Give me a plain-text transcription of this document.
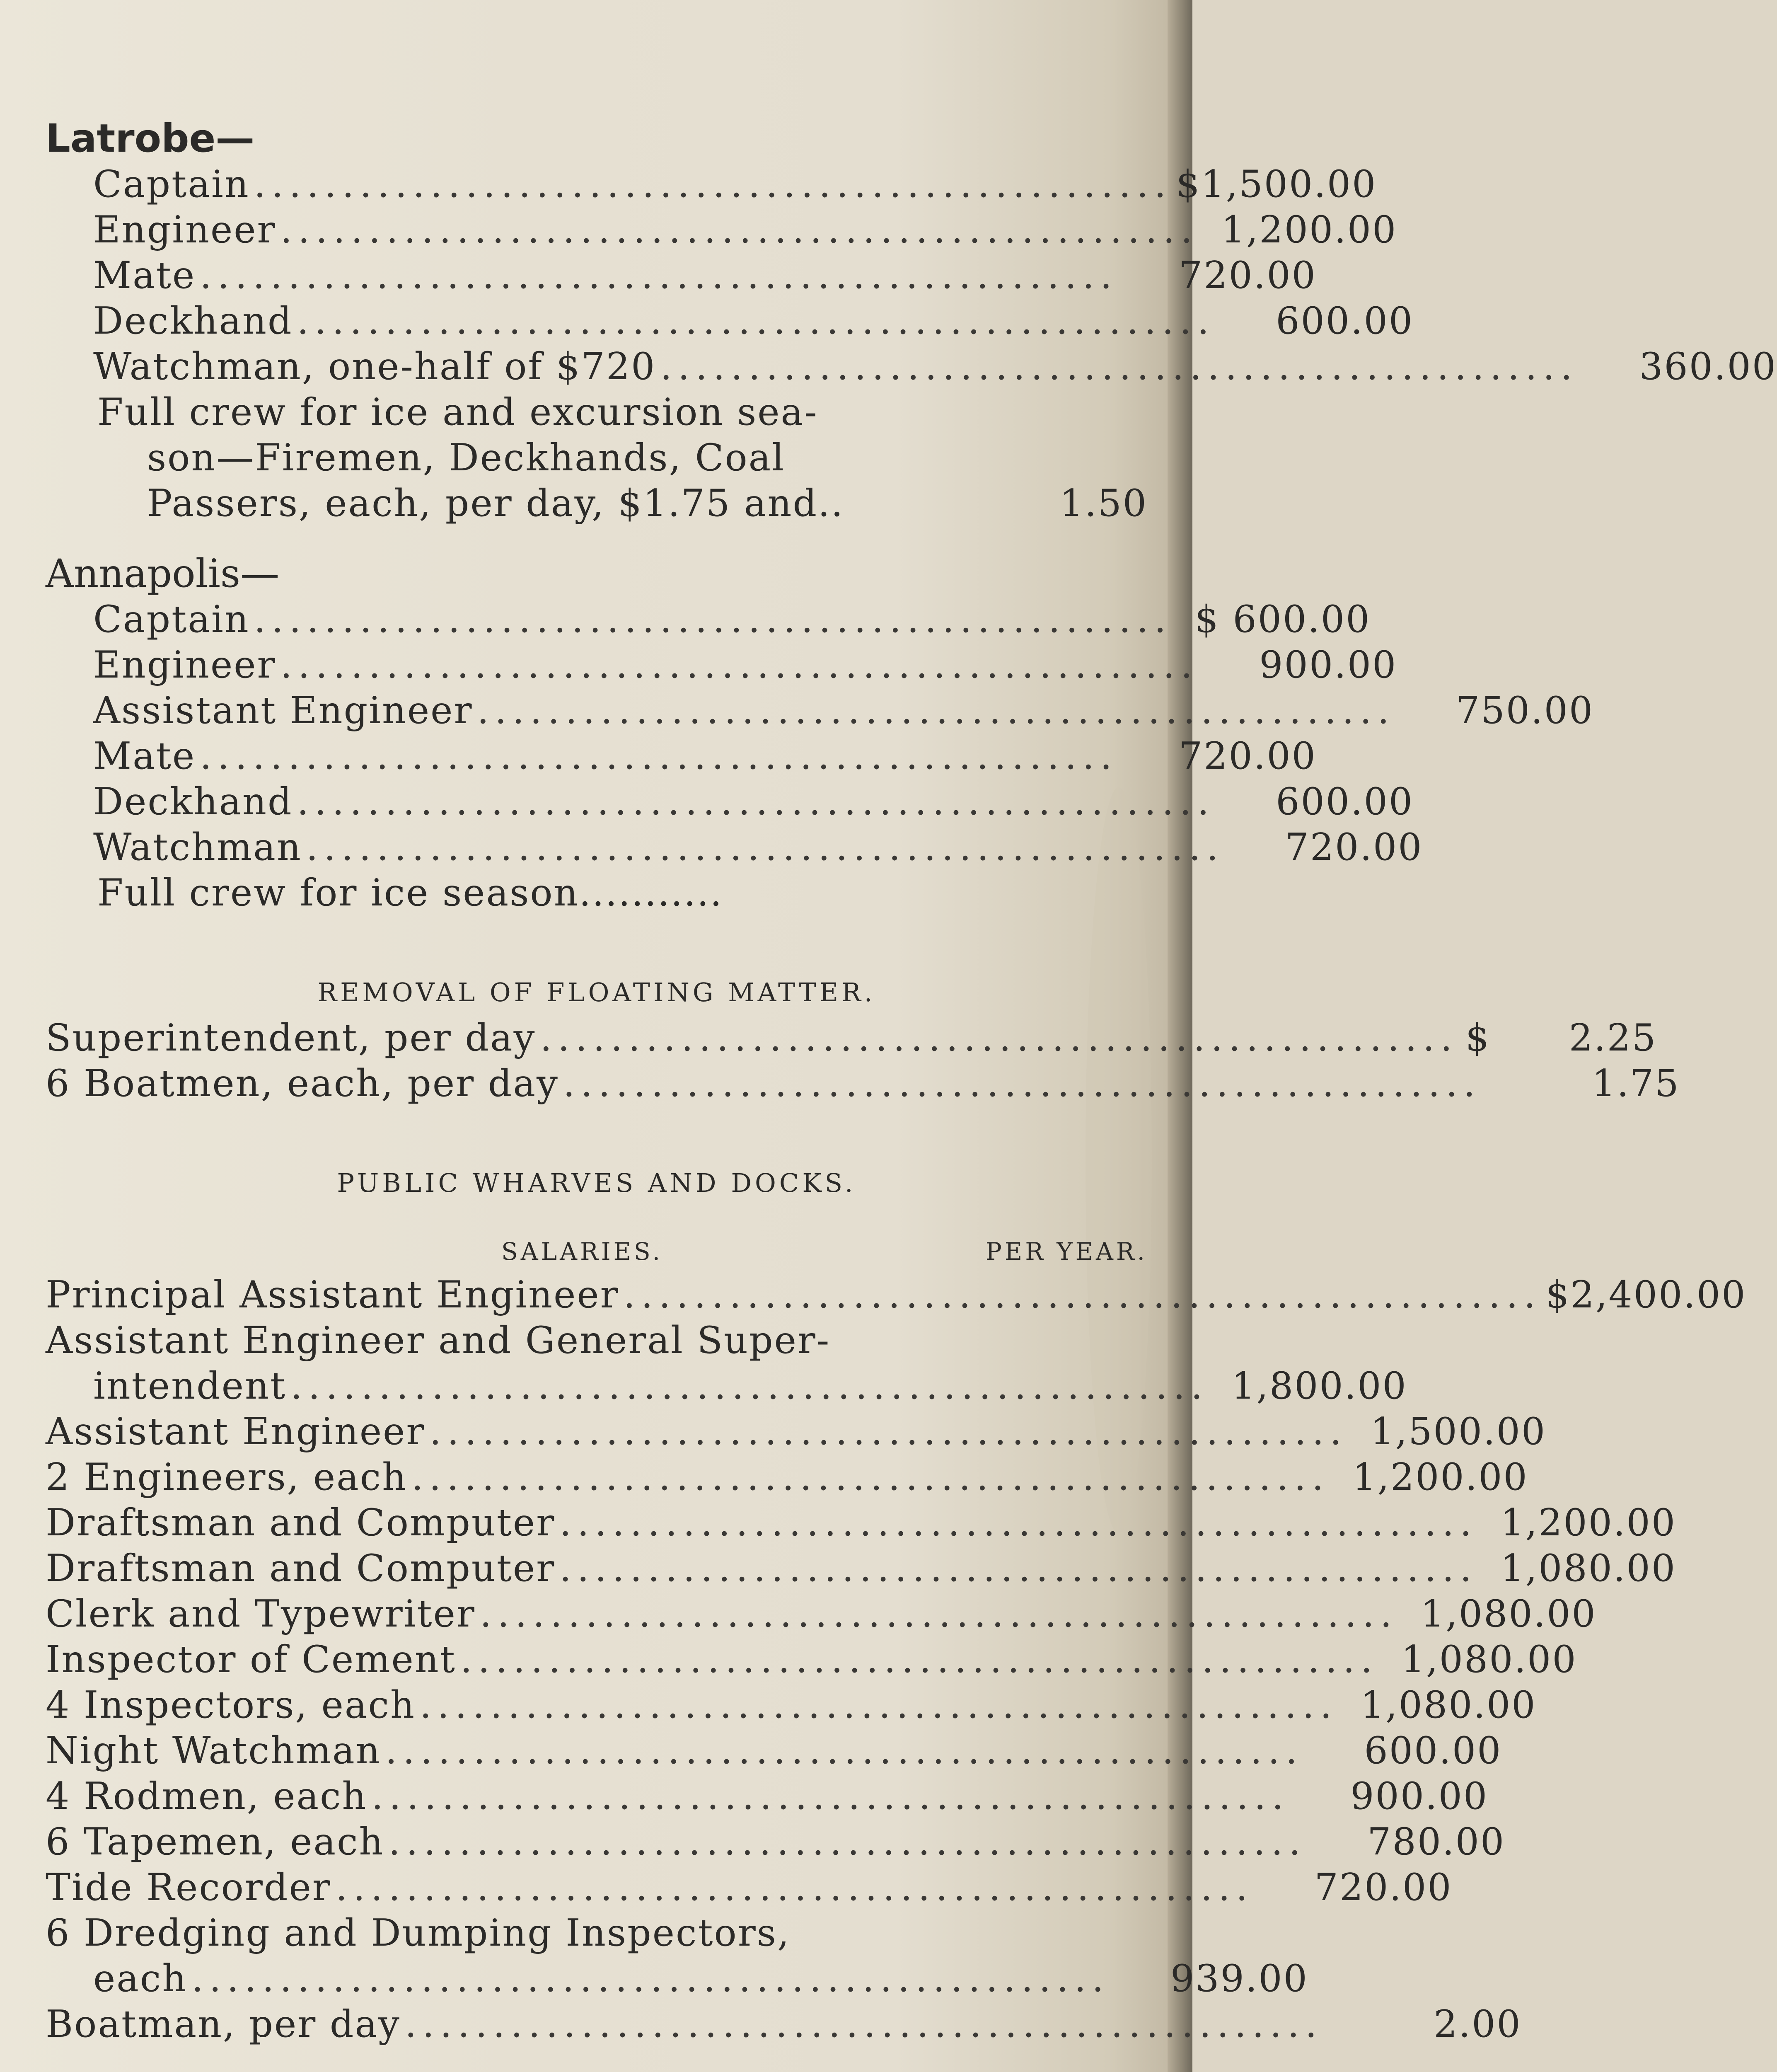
Latrobe—
Captain .................................................... $1,500.00
Engineer .................................................... 1,200.00
Mate ....................................................	720.00
Deckhand ....................................................	600.00
Watchman, one-half of $720 ....................................................	360.00
Full crew for ice and excursion sea-
son—Firemen, Deckhands, Coal
Passers, each, per day, $1.75 and..	1.50
Annapolis—
Captain .................................................... $ 600.00
Engineer ....................................................	900.00
Assistant Engineer ....................................................	750.00
Mate ....................................................	720.00
Deckhand ....................................................	600.00
Watchman ....................................................	720.00
Full crew for ice season...........
REMOVAL OF FLOATING MATTER.
Superintendent, per day .................................................... $      2.25
6 Boatmen, each, per day ....................................................	1.75
PUBLIC WHARVES AND DOCKS.
SALARIES.	PER YEAR.
Principal Assistant Engineer .................................................... $2,400.00
Assistant Engineer and General Super-
intendent .................................................... 1,800.00
Assistant Engineer .................................................... 1,500.00
2 Engineers, each .................................................... 1,200.00
Draftsman and Computer .................................................... 1,200.00
Draftsman and Computer .................................................... 1,080.00
Clerk and Typewriter .................................................... 1,080.00
Inspector of Cement .................................................... 1,080.00
4 Inspectors, each .................................................... 1,080.00
Night Watchman ....................................................	600.00
4 Rodmen, each ....................................................	900.00
6 Tapemen, each ....................................................	780.00
Tide Recorder ....................................................	720.00
6 Dredging and Dumping Inspectors,
each ....................................................	939.00
Boatman, per day ....................................................	2.00
